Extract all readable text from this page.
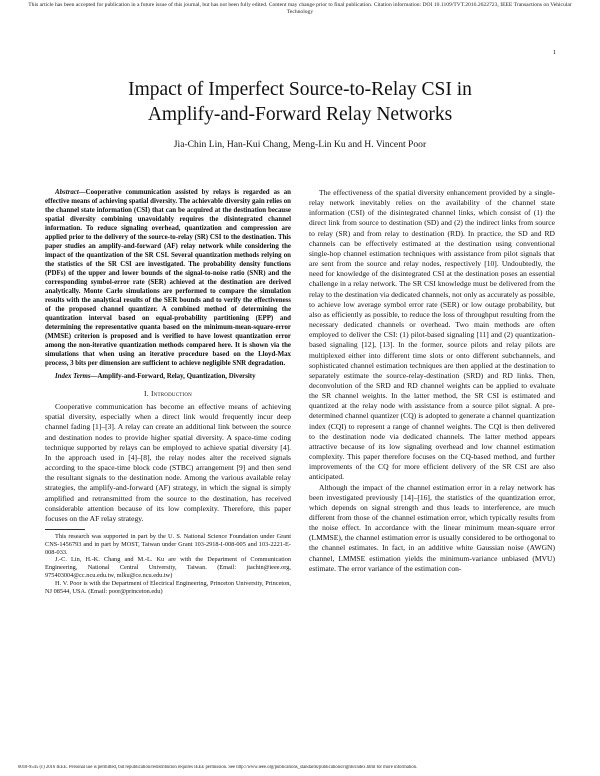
This article has been accepted for publication in a future issue of this journal, but has not been fully edited. Content may change prior to final publication. Citation information: DOI 10.1109/TVT.2016.2622723, IEEE Transactions on Vehicular Technology
1
Impact of Imperfect Source-to-Relay CSI in
Amplify-and-Forward Relay Networks
Jia-Chin Lin, Han-Kui Chang, Meng-Lin Ku and H. Vincent Poor

Abstract—Cooperative communication assisted by relays is regarded as an effective means of achieving spatial diversity. The achievable diversity gain relies on the channel state information (CSI) that can be acquired at the destination because spatial diversity combining unavoidably requires the disintegrated channel information. To reduce signaling overhead, quantization and compression are applied prior to the delivery of the source-to-relay (SR) CSI to the destination. This paper studies an amplify-and-forward (AF) relay network while considering the impact of the quantization of the SR CSI. Several quantization methods relying on the statistics of the SR CSI are investigated. The probability density functions (PDFs) of the upper and lower bounds of the signal-to-noise ratio (SNR) and the corresponding symbol-error rate (SER) achieved at the destination are derived analytically. Monte Carlo simulations are performed to compare the simulation results with the analytical results of the SER bounds and to verify the effectiveness of the proposed channel quantizer. A combined method of determining the quantization interval based on equal-probability partitioning (EPP) and determining the representative quanta based on the minimum-mean-square-error (MMSE) criterion is proposed and is verified to have lowest quantization error among the non-iterative quantization methods compared here. It is shown via the simulations that when using an iterative procedure based on the Lloyd-Max process, 3 bits per dimension are sufficient to achieve negligible SNR degradation.

Index Terms—Amplify-and-Forward, Relay, Quantization, Diversity

I. Introduction

Cooperative communication has become an effective means of achieving spatial diversity, especially when a direct link would frequently incur deep channel fading [1]–[3]. A relay can create an additional link between the source and destination nodes to provide higher spatial diversity. A space-time coding technique supported by relays can be employed to achieve spatial diversity [4]. In the approach used in [4]–[8], the relay nodes alter the received signals according to the space-time block code (STBC) arrangement [9] and then send the resultant signals to the destination node. Among the various available relay strategies, the amplify-and-forward (AF) strategy, in which the signal is simply amplified and retransmitted from the source to the destination, has received considerable attention because of its low complexity. Therefore, this paper focuses on the AF relay strategy.

This research was supported in part by the U. S. National Science Foundation under Grant CNS-1456793 and in part by MOST, Taiwan under Grant 103-2918-I-008-005 and 103-2221-E-008-033.

J.-C. Lin, H.-K. Chang and M.-L. Ku are with the Department of Communication Engineering, National Central University, Taiwan. (Email: jiachin@ieee.org, 975403004@cc.ncu.edu.tw, mlku@ce.ncu.edu.tw)

H. V. Poor is with the Department of Electrical Engineering, Princeton University, Princeton, NJ 08544, USA. (Email: poor@princeton.edu)

The effectiveness of the spatial diversity enhancement provided by a single-relay network inevitably relies on the availability of the channel state information (CSI) of the disintegrated channel links, which consist of (1) the direct link from source to destination (SD) and (2) the indirect links from source to relay (SR) and from relay to destination (RD). In practice, the SD and RD channels can be effectively estimated at the destination using conventional single-hop channel estimation techniques with assistance from pilot signals that are sent from the source and relay nodes, respectively [10]. Undoubtedly, the need for knowledge of the disintegrated CSI at the destination poses an essential challenge in a relay network. The SR CSI knowledge must be delivered from the relay to the destination via dedicated channels, not only as accurately as possible, to achieve low average symbol error rate (SER) or low outage probability, but also as efficiently as possible, to reduce the loss of throughput resulting from the necessary dedicated channels or overhead. Two main methods are often employed to deliver the CSI: (1) pilot-based signaling [11] and (2) quantization-based signaling [12], [13]. In the former, source pilots and relay pilots are multiplexed either into different time slots or onto different subchannels, and sophisticated channel estimation techniques are then applied at the destination to separately estimate the source-relay-destination (SRD) and RD links. Then, deconvolution of the SRD and RD channel weights can be applied to evaluate the SR channel weights. In the latter method, the SR CSI is estimated and quantized at the relay node with assistance from a source pilot signal. A pre-determined channel quantizer (CQ) is adopted to generate a channel quantization index (CQI) to represent a range of channel weights. The CQI is then delivered to the destination node via dedicated channels. The latter method appears attractive because of its low signaling overhead and low channel estimation complexity. This paper therefore focuses on the CQ-based method, and further improvements of the CQ for more efficient delivery of the SR CSI are also anticipated.

Although the impact of the channel estimation error in a relay network has been investigated previously [14]–[16], the statistics of the quantization error, which depends on signal strength and thus leads to interference, are much different from those of the channel estimation error, which typically results from the noise effect. In accordance with the linear minimum mean-square error (LMMSE), the channel estimation error is usually considered to be orthogonal to the channel estimates. In fact, in an additive white Gaussian noise (AWGN) channel, LMMSE estimation yields the minimum-variance unbiased (MVU) estimate. The error variance of the estimation con-

0018-9545 (c) 2016 IEEE. Personal use is permitted, but republication/redistribution requires IEEE permission. See http://www.ieee.org/publications_standards/publications/rights/index.html for more information.
